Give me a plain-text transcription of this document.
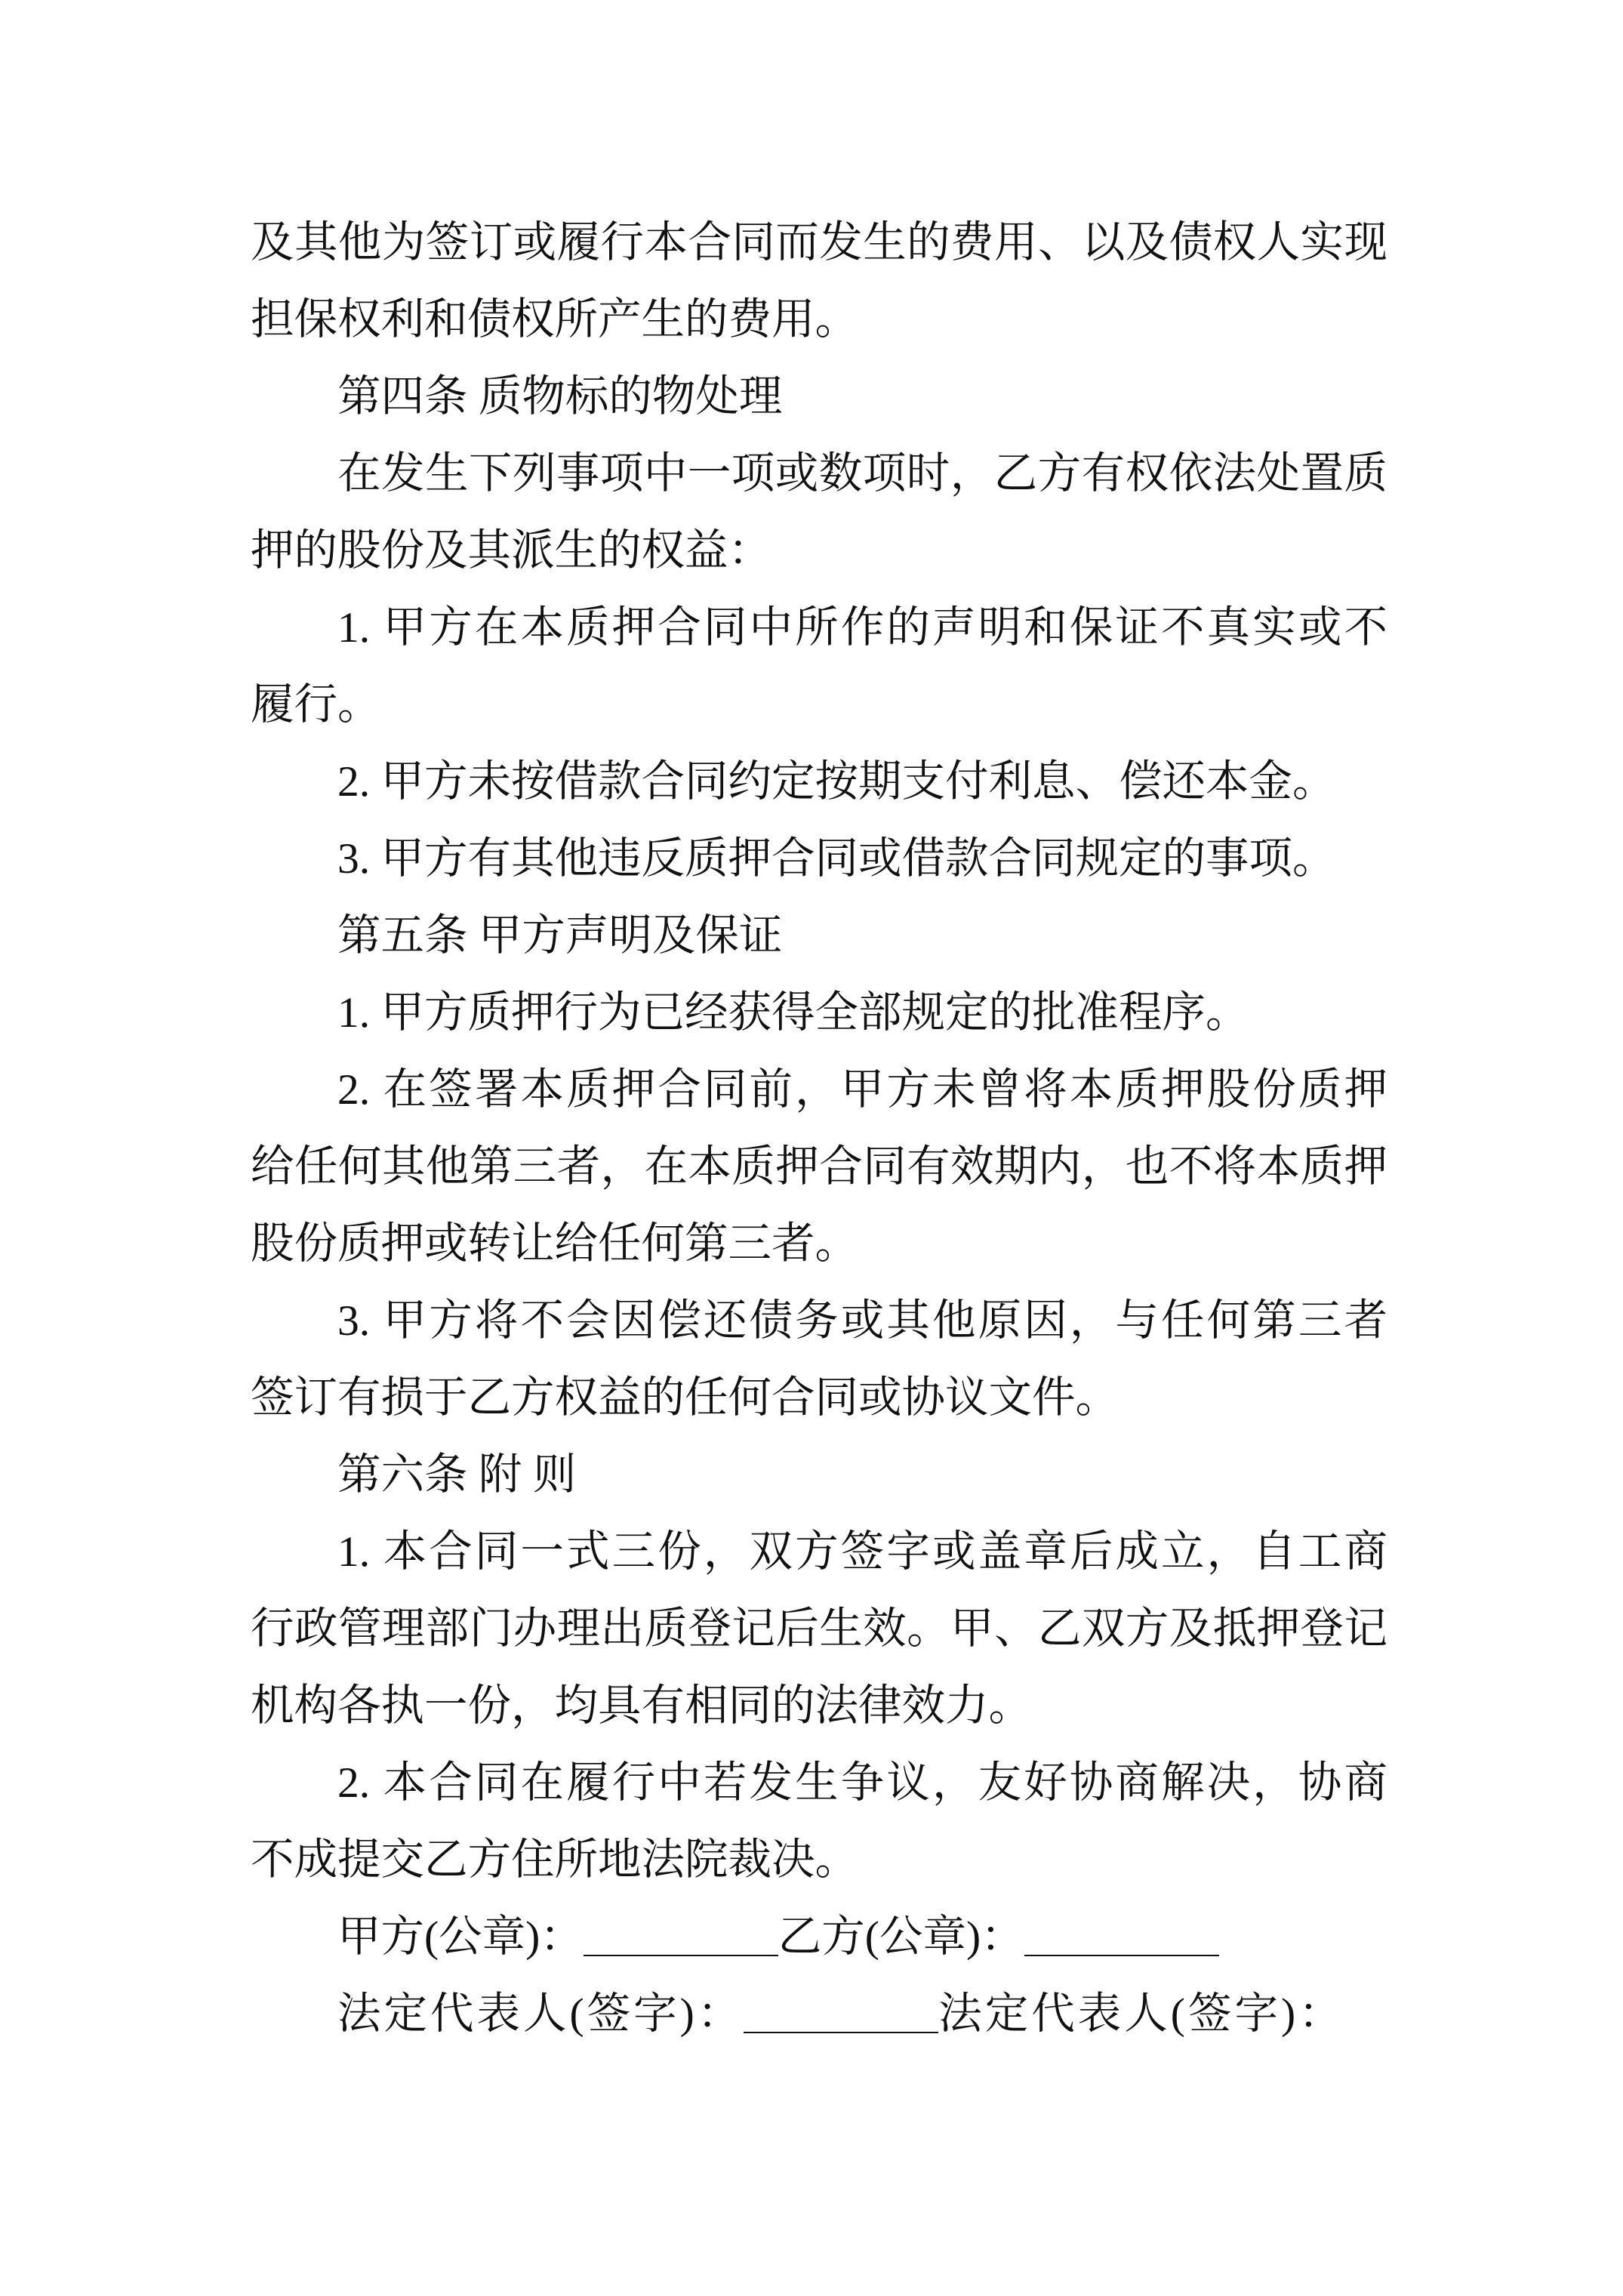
及其他为签订或履行本合同而发生的费用、以及债权人实现
担保权利和债权所产生的费用。
第四条 质物标的物处理
在发生下列事项中一项或数项时，乙方有权依法处置质
押的股份及其派生的权益：
1. 甲方在本质押合同中所作的声明和保证不真实或不
履行。
2. 甲方未按借款合同约定按期支付利息、偿还本金。
3. 甲方有其他违反质押合同或借款合同规定的事项。
第五条 甲方声明及保证
1. 甲方质押行为已经获得全部规定的批准程序。
2. 在签署本质押合同前，甲方未曾将本质押股份质押
给任何其他第三者，在本质押合同有效期内，也不将本质押
股份质押或转让给任何第三者。
3. 甲方将不会因偿还债务或其他原因，与任何第三者
签订有损于乙方权益的任何合同或协议文件。
第六条 附 则
1. 本合同一式三份，双方签字或盖章后成立，自工商
行政管理部门办理出质登记后生效。甲、乙双方及抵押登记
机构各执一份，均具有相同的法律效力。
2. 本合同在履行中若发生争议，友好协商解决，协商
不成提交乙方住所地法院裁决。
甲方(公章)：	乙方(公章)：
法定代表人(签字)：	法定代表人(签字)：
